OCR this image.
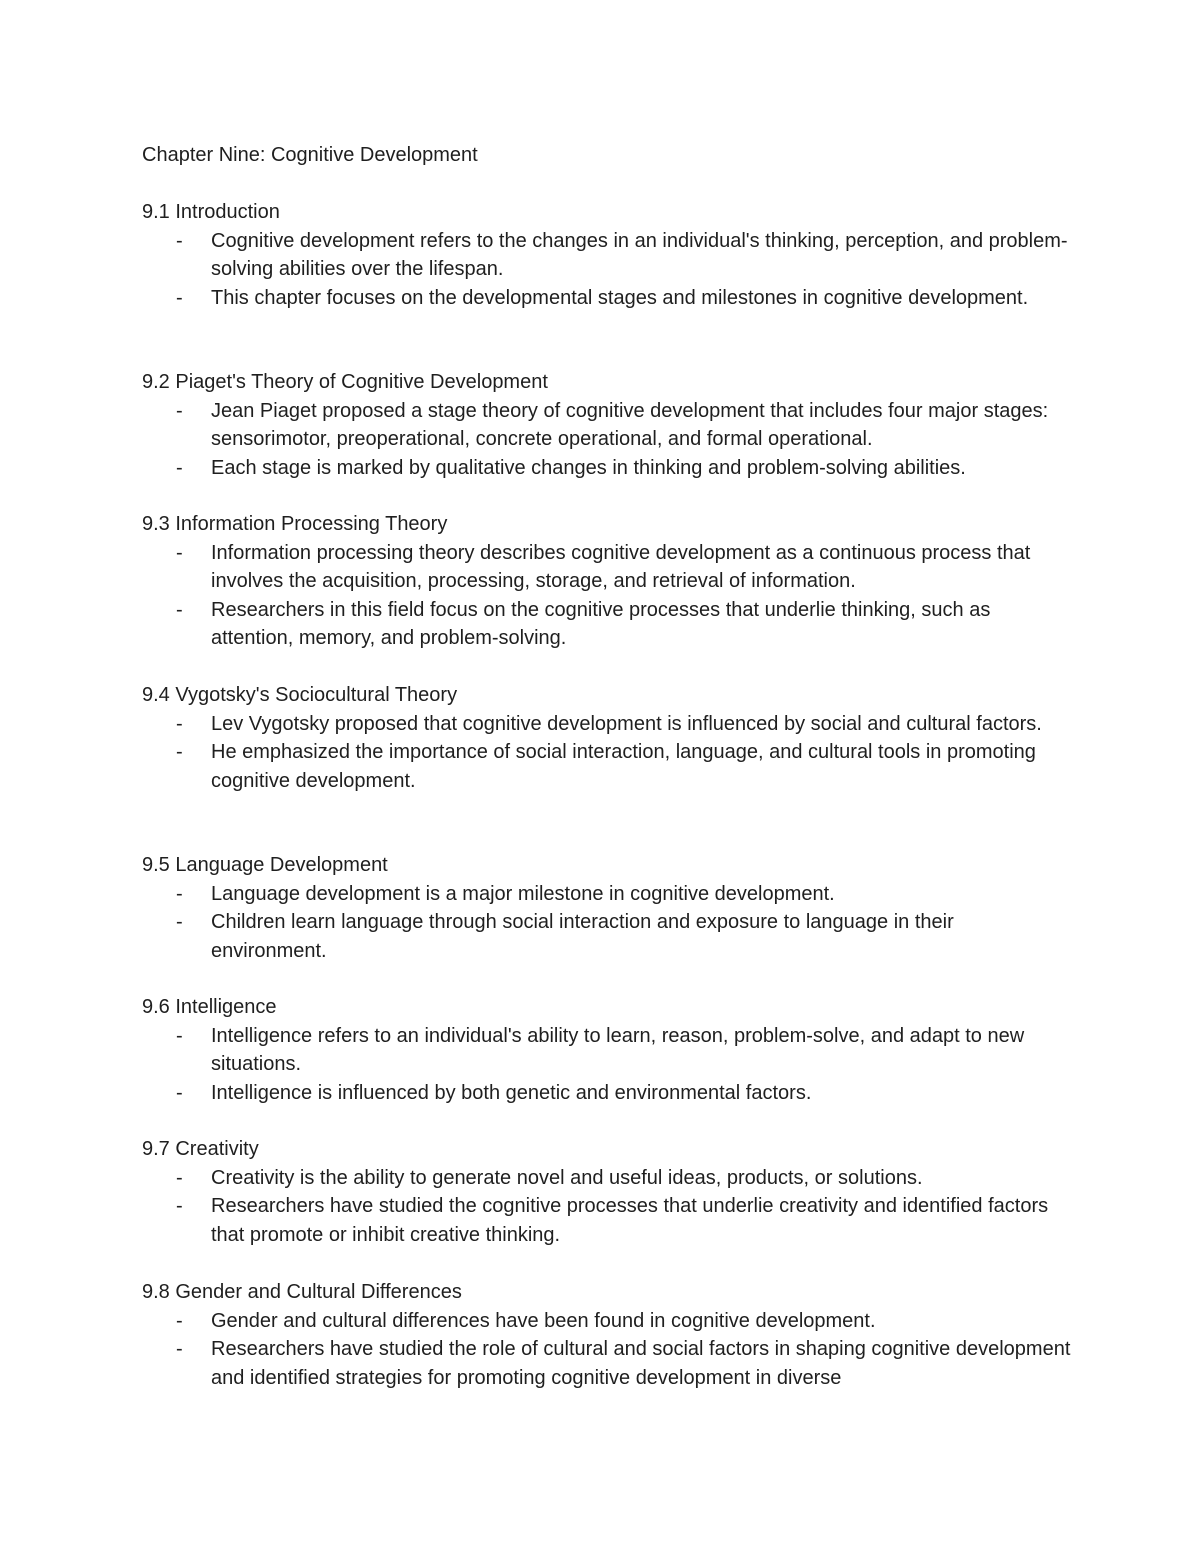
Chapter Nine: Cognitive Development
9.1 Introduction
- Cognitive development refers to the changes in an individual's thinking, perception, and problem-solving abilities over the lifespan.
- This chapter focuses on the developmental stages and milestones in cognitive development.
9.2 Piaget's Theory of Cognitive Development
- Jean Piaget proposed a stage theory of cognitive development that includes four major stages: sensorimotor, preoperational, concrete operational, and formal operational.
- Each stage is marked by qualitative changes in thinking and problem-solving abilities.
9.3 Information Processing Theory
- Information processing theory describes cognitive development as a continuous process that involves the acquisition, processing, storage, and retrieval of information.
- Researchers in this field focus on the cognitive processes that underlie thinking, such as attention, memory, and problem-solving.
9.4 Vygotsky's Sociocultural Theory
- Lev Vygotsky proposed that cognitive development is influenced by social and cultural factors.
- He emphasized the importance of social interaction, language, and cultural tools in promoting cognitive development.
9.5 Language Development
- Language development is a major milestone in cognitive development.
- Children learn language through social interaction and exposure to language in their environment.
9.6 Intelligence
- Intelligence refers to an individual's ability to learn, reason, problem-solve, and adapt to new situations.
- Intelligence is influenced by both genetic and environmental factors.
9.7 Creativity
- Creativity is the ability to generate novel and useful ideas, products, or solutions.
- Researchers have studied the cognitive processes that underlie creativity and identified factors that promote or inhibit creative thinking.
9.8 Gender and Cultural Differences
- Gender and cultural differences have been found in cognitive development.
- Researchers have studied the role of cultural and social factors in shaping cognitive development and identified strategies for promoting cognitive development in diverse
